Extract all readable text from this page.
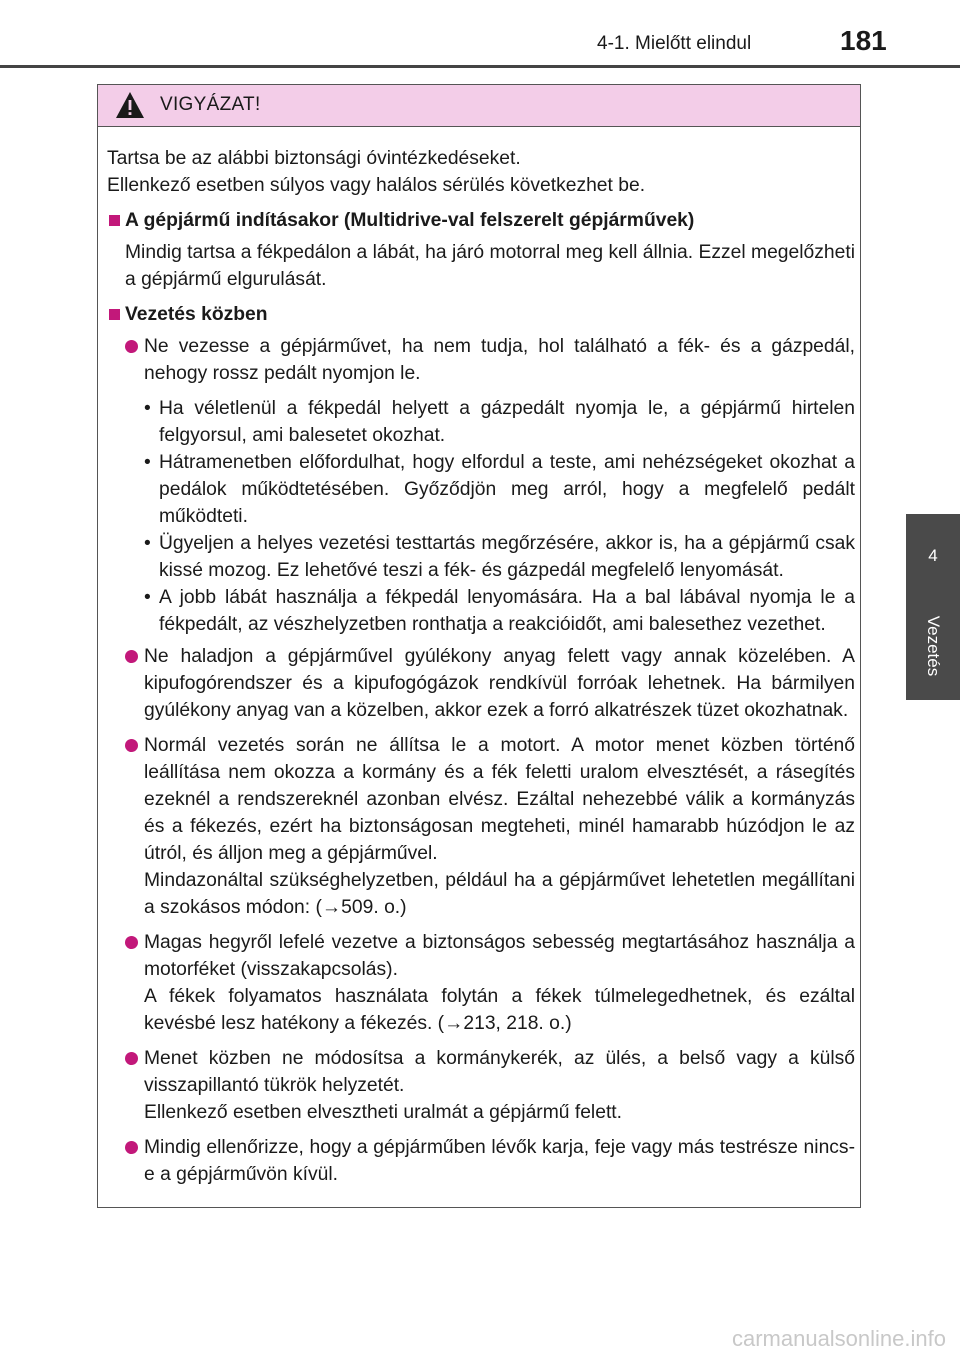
4-1. Mielőtt elindul	181
4
Vezetés
VIGYÁZAT!
Tartsa be az alábbi biztonsági óvintézkedéseket.
Ellenkező esetben súlyos vagy halálos sérülés következhet be.
A gépjármű indításakor (Multidrive-val felszerelt gépjárművek)
Mindig tartsa a fékpedálon a lábát, ha járó motorral meg kell állnia. Ezzel megelőzheti a gépjármű elgurulását.
Vezetés közben
Ne vezesse a gépjárművet, ha nem tudja, hol található a fék- és a gázpedál, nehogy rossz pedált nyomjon le.
• Ha véletlenül a fékpedál helyett a gázpedált nyomja le, a gépjármű hirtelen felgyorsul, ami balesetet okozhat.
• Hátramenetben előfordulhat, hogy elfordul a teste, ami nehézségeket okozhat a pedálok működtetésében. Győződjön meg arról, hogy a megfelelő pedált működteti.
• Ügyeljen a helyes vezetési testtartás megőrzésére, akkor is, ha a gépjármű csak kissé mozog. Ez lehetővé teszi a fék- és gázpedál megfelelő lenyomását.
• A jobb lábát használja a fékpedál lenyomására. Ha a bal lábával nyomja le a fékpedált, az vészhelyzetben ronthatja a reakcióidőt, ami balesethez vezethet.
Ne haladjon a gépjárművel gyúlékony anyag felett vagy annak közelében. A kipufogórendszer és a kipufogógázok rendkívül forróak lehetnek. Ha bármilyen gyúlékony anyag van a közelben, akkor ezek a forró alkatrészek tüzet okozhatnak.
Normál vezetés során ne állítsa le a motort. A motor menet közben történő leállítása nem okozza a kormány és a fék feletti uralom elvesztését, a rásegítés ezeknél a rendszereknél azonban elvész. Ezáltal nehezebbé válik a kormányzás és a fékezés, ezért ha biztonságosan megteheti, minél hamarabb húzódjon le az útról, és álljon meg a gépjárművel.
Mindazonáltal szükséghelyzetben, például ha a gépjárművet lehetetlen megállítani a szokásos módon: (→509. o.)
Magas hegyről lefelé vezetve a biztonságos sebesség megtartásához használja a motorféket (visszakapcsolás).
A fékek folyamatos használata folytán a fékek túlmelegedhetnek, és ezáltal kevésbé lesz hatékony a fékezés. (→213, 218. o.)
Menet közben ne módosítsa a kormánykerék, az ülés, a belső vagy a külső visszapillantó tükrök helyzetét.
Ellenkező esetben elvesztheti uralmát a gépjármű felett.
Mindig ellenőrizze, hogy a gépjárműben lévők karja, feje vagy más testrésze nincs-e a gépjárművön kívül.
carmanualsonline.info
